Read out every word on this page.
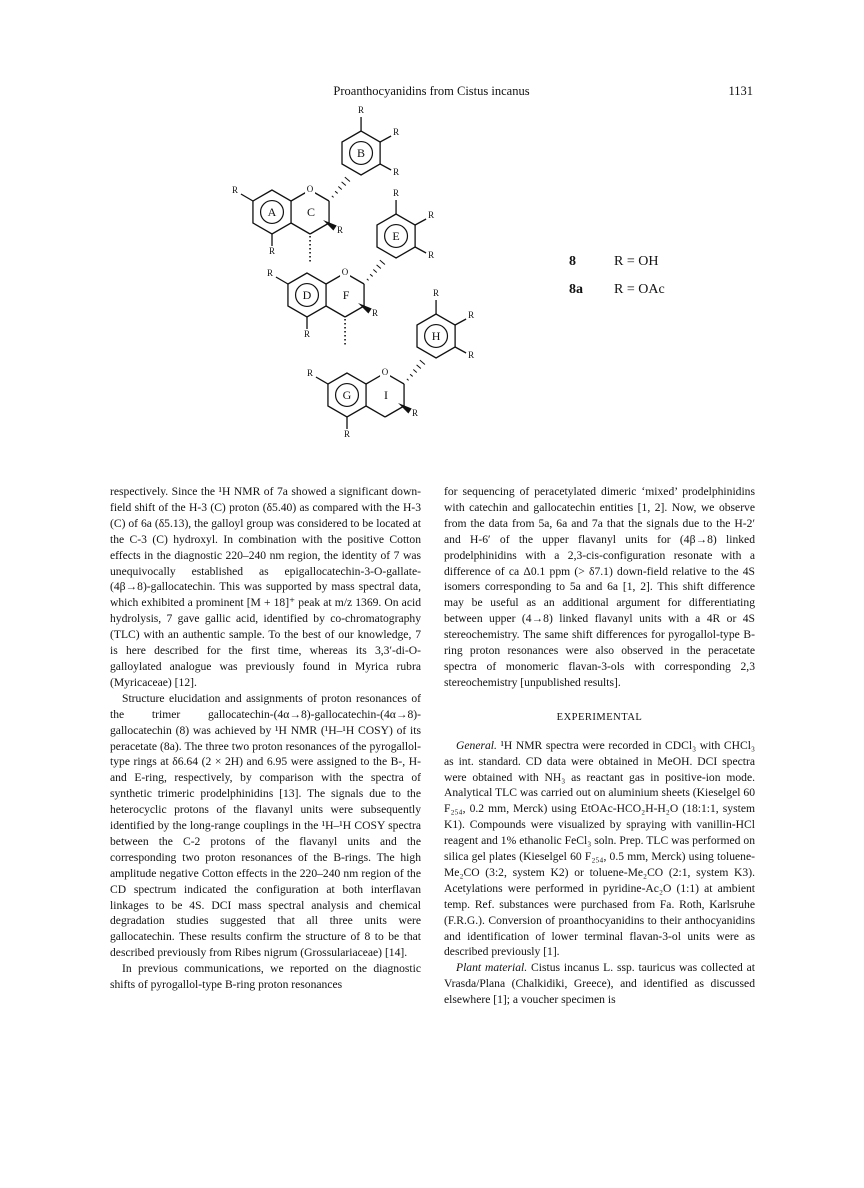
Proanthocyanidins from Cistus incanus	1131
A
O
C
B
R
R
R
R
R
R
D
O
F
E
R
R
R
R
R
R
G
O
I
H
R
R
R
R
R
R
8	R = OH
8a	R = OAc

respectively. Since the ¹H NMR of 7a showed a significant down-field shift of the H-3 (C) proton (δ5.40) as compared with the H-3 (C) of 6a (δ5.13), the galloyl group was considered to be located at the C-3 (C) hydroxyl. In combination with the positive Cotton effects in the diagnostic 220–240 nm region, the identity of 7 was unequivocally established as epigallocatechin-3-O-gallate-(4β→8)-gallocatechin. This was supported by mass spectral data, which exhibited a prominent [M + 18]⁺ peak at m/z 1369. On acid hydrolysis, 7 gave gallic acid, identified by co-chromatography (TLC) with an authentic sample. To the best of our knowledge, 7 is here described for the first time, whereas its 3,3′-di-O-galloylated analogue was previously found in Myrica rubra (Myricaceae) [12].

Structure elucidation and assignments of proton resonances of the trimer gallocatechin-(4α→8)-gallocatechin-(4α→8)-gallocatechin (8) was achieved by ¹H NMR (¹H–¹H COSY) of its peracetate (8a). The three two proton resonances of the pyrogallol-type rings at δ6.64 (2 × 2H) and 6.95 were assigned to the B-, H- and E-ring, respectively, by comparison with the spectra of synthetic trimeric prodelphinidins [13]. The signals due to the heterocyclic protons of the flavanyl units were subsequently identified by the long-range couplings in the ¹H–¹H COSY spectra between the C-2 protons of the flavanyl units and the corresponding two proton resonances of the B-rings. The high amplitude negative Cotton effects in the 220–240 nm region of the CD spectrum indicated the configuration at both interflavan linkages to be 4S. DCI mass spectral analysis and chemical degradation studies suggested that all three units were gallocatechin. These results confirm the structure of 8 to be that described previously from Ribes nigrum (Grossulariaceae) [14].

In previous communications, we reported on the diagnostic shifts of pyrogallol-type B-ring proton resonances

for sequencing of peracetylated dimeric ‘mixed’ prodelphinidins with catechin and gallocatechin entities [1, 2]. Now, we observe from the data from 5a, 6a and 7a that the signals due to the H-2′ and H-6′ of the upper flavanyl units for (4β→8) linked prodelphinidins with a 2,3-cis-configuration resonate with a difference of ca Δ0.1 ppm (> δ7.1) down-field relative to the 4S isomers corresponding to 5a and 6a [1, 2]. This shift difference may be useful as an additional argument for differentiating between upper (4→8) linked flavanyl units with a 4R or 4S stereochemistry. The same shift differences for pyrogallol-type B-ring proton resonances were also observed in the peracetate spectra of monomeric flavan-3-ols with corresponding 2,3 stereochemistry [unpublished results].

EXPERIMENTAL

General. ¹H NMR spectra were recorded in CDCl₃ with CHCl₃ as int. standard. CD data were obtained in MeOH. DCI spectra were obtained with NH₃ as reactant gas in positive-ion mode. Analytical TLC was carried out on aluminium sheets (Kieselgel 60 F₂₅₄, 0.2 mm, Merck) using EtOAc-HCO₂H-H₂O (18:1:1, system K1). Compounds were visualized by spraying with vanillin-HCl reagent and 1% ethanolic FeCl₃ soln. Prep. TLC was performed on silica gel plates (Kieselgel 60 F₂₅₄, 0.5 mm, Merck) using toluene-Me₂CO (3:2, system K2) or toluene-Me₂CO (2:1, system K3). Acetylations were performed in pyridine-Ac₂O (1:1) at ambient temp. Ref. substances were purchased from Fa. Roth, Karlsruhe (F.R.G.). Conversion of proanthocyanidins to their anthocyanidins and identification of lower terminal flavan-3-ol units were as described previously [1].

Plant material. Cistus incanus L. ssp. tauricus was collected at Vrasda/Plana (Chalkidiki, Greece), and identified as discussed elsewhere [1]; a voucher specimen is
